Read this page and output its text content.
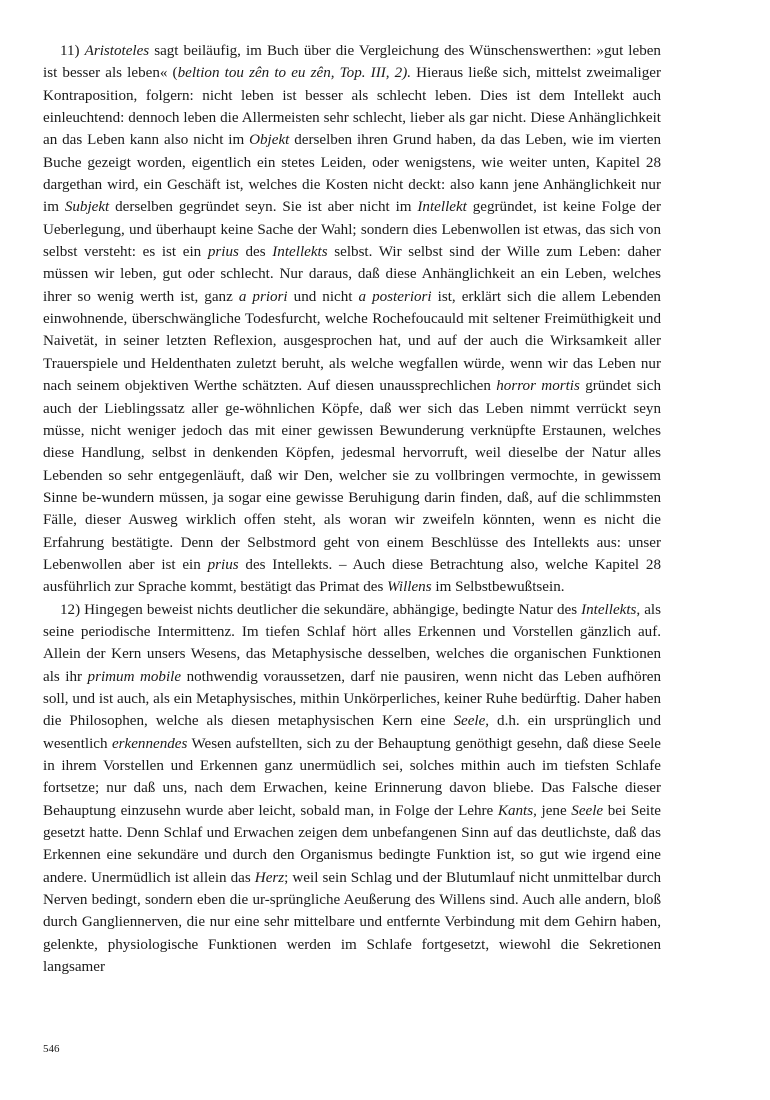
11) Aristoteles sagt beiläufig, im Buch über die Vergleichung des Wünschenswerthen: »gut leben ist besser als leben« (beltion tou zên to eu zên, Top. III, 2). Hieraus ließe sich, mittelst zweimaliger Kontraposition, folgern: nicht leben ist besser als schlecht leben. Dies ist dem Intellekt auch einleuchtend: dennoch leben die Allermeisten sehr schlecht, lieber als gar nicht. Diese Anhänglichkeit an das Leben kann also nicht im Objekt derselben ihren Grund haben, da das Leben, wie im vierten Buche gezeigt worden, eigentlich ein stetes Leiden, oder wenigstens, wie weiter unten, Kapitel 28 dargethan wird, ein Geschäft ist, welches die Kosten nicht deckt: also kann jene Anhänglichkeit nur im Subjekt derselben gegründet seyn. Sie ist aber nicht im Intellekt gegründet, ist keine Folge der Ueberlegung, und überhaupt keine Sache der Wahl; sondern dies Lebenwollen ist etwas, das sich von selbst versteht: es ist ein prius des Intellekts selbst. Wir selbst sind der Wille zum Leben: daher müssen wir leben, gut oder schlecht. Nur daraus, daß diese Anhänglichkeit an ein Leben, welches ihrer so wenig werth ist, ganz a priori und nicht a posteriori ist, erklärt sich die allem Lebenden einwohnende, überschwängliche Todesfurcht, welche Rochefoucauld mit seltener Freimüthigkeit und Naivetät, in seiner letzten Reflexion, ausgesprochen hat, und auf der auch die Wirksamkeit aller Trauerspiele und Heldenthaten zuletzt beruht, als welche wegfallen würde, wenn wir das Leben nur nach seinem objektiven Werthe schätzten. Auf diesen unaussprechlichen horror mortis gründet sich auch der Lieblingssatz aller ge-wöhnlichen Köpfe, daß wer sich das Leben nimmt verrückt seyn müsse, nicht weniger jedoch das mit einer gewissen Bewunderung verknüpfte Erstaunen, welches diese Handlung, selbst in denkenden Köpfen, jedesmal hervorruft, weil dieselbe der Natur alles Lebenden so sehr entgegenläuft, daß wir Den, welcher sie zu vollbringen vermochte, in gewissem Sinne be-wundern müssen, ja sogar eine gewisse Beruhigung darin finden, daß, auf die schlimmsten Fälle, dieser Ausweg wirklich offen steht, als woran wir zweifeln könnten, wenn es nicht die Erfahrung bestätigte. Denn der Selbstmord geht von einem Beschlüsse des Intellekts aus: unser Lebenwollen aber ist ein prius des Intellekts. – Auch diese Betrachtung also, welche Kapitel 28 ausführlich zur Sprache kommt, bestätigt das Primat des Willens im Selbstbewußtsein.

12) Hingegen beweist nichts deutlicher die sekundäre, abhängige, bedingte Natur des Intellekts, als seine periodische Intermittenz. Im tiefen Schlaf hört alles Erkennen und Vorstellen gänzlich auf. Allein der Kern unsers Wesens, das Metaphysische desselben, welches die organischen Funktionen als ihr primum mobile nothwendig voraussetzen, darf nie pausiren, wenn nicht das Leben aufhören soll, und ist auch, als ein Metaphysisches, mithin Unkörperliches, keiner Ruhe bedürftig. Daher haben die Philosophen, welche als diesen metaphysischen Kern eine Seele, d.h. ein ursprünglich und wesentlich erkennendes Wesen aufstellten, sich zu der Behauptung genöthigt gesehn, daß diese Seele in ihrem Vorstellen und Erkennen ganz unermüdlich sei, solches mithin auch im tiefsten Schlafe fortsetze; nur daß uns, nach dem Erwachen, keine Erinnerung davon bliebe. Das Falsche dieser Behauptung einzusehn wurde aber leicht, sobald man, in Folge der Lehre Kants, jene Seele bei Seite gesetzt hatte. Denn Schlaf und Erwachen zeigen dem unbefangenen Sinn auf das deutlichste, daß das Erkennen eine sekundäre und durch den Organismus bedingte Funktion ist, so gut wie irgend eine andere. Unermüdlich ist allein das Herz; weil sein Schlag und der Blutumlauf nicht unmittelbar durch Nerven bedingt, sondern eben die ur-sprüngliche Aeußerung des Willens sind. Auch alle andern, bloß durch Gangliennerven, die nur eine sehr mittelbare und entfernte Verbindung mit dem Gehirn haben, gelenkte, physiologische Funktionen werden im Schlafe fortgesetzt, wiewohl die Sekretionen langsamer

546
